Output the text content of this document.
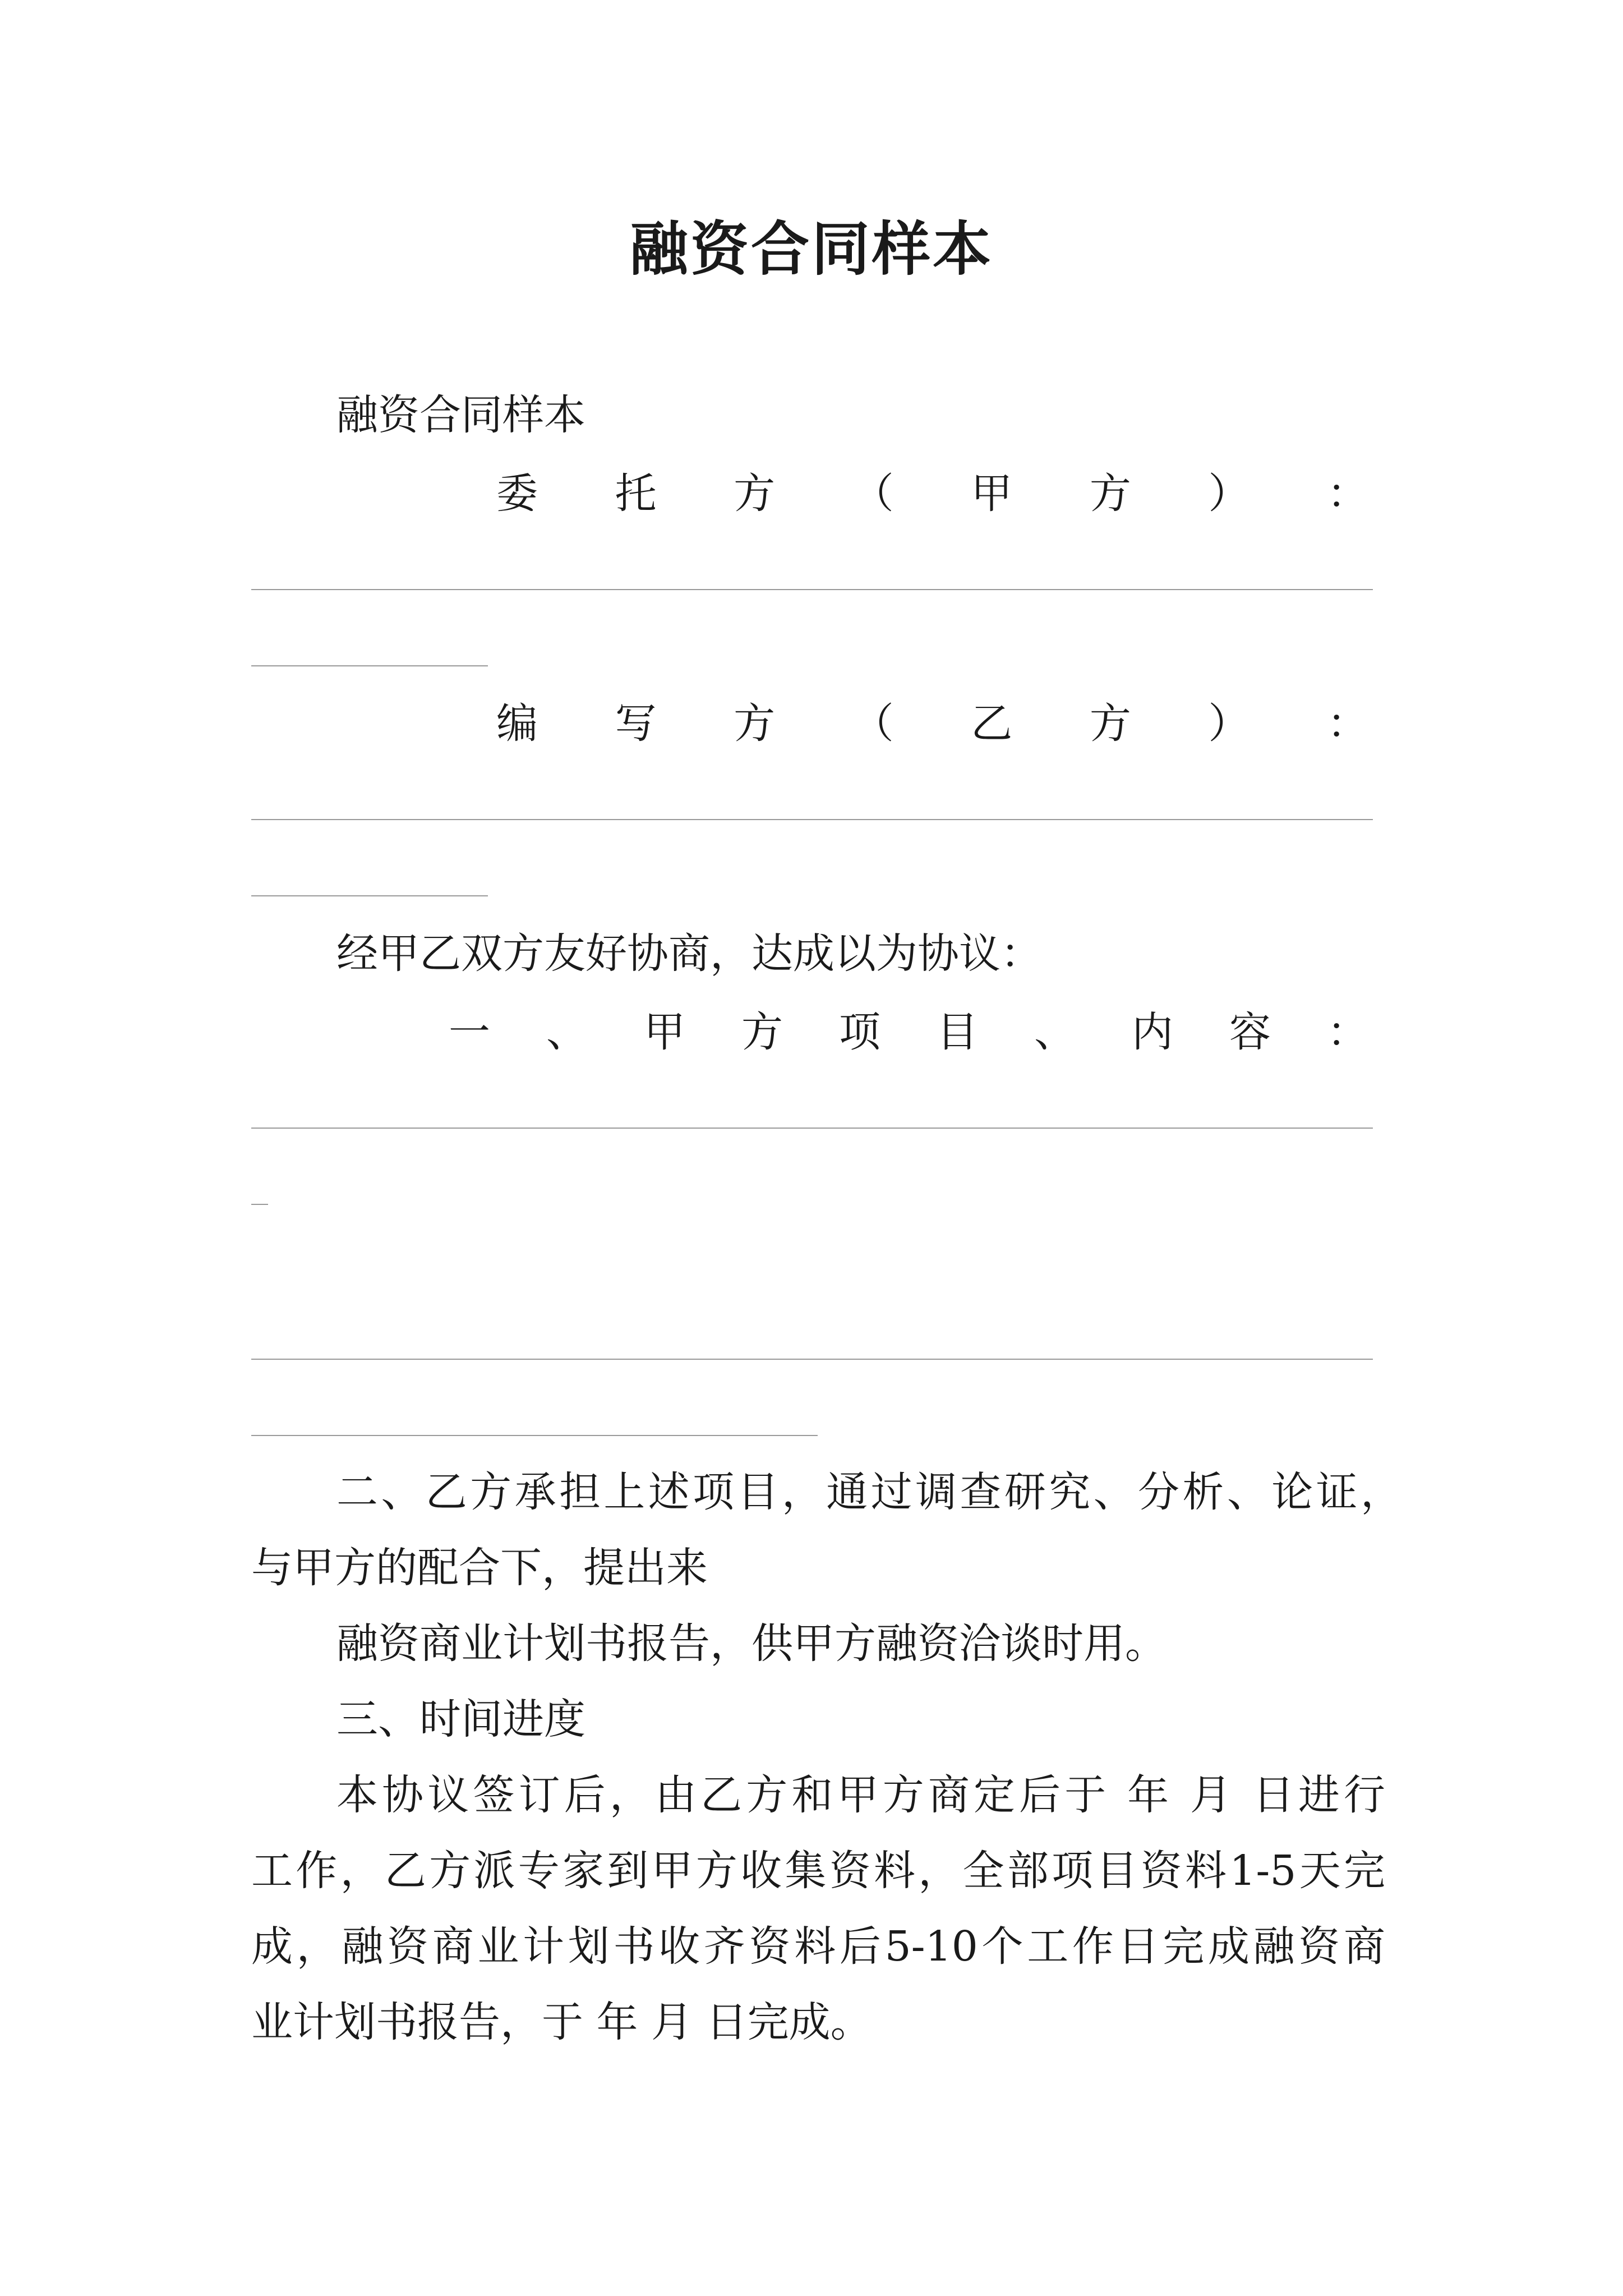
融资合同样本
融资合同样本
委 托 方 （ 甲 方 ） ：
编 写 方 （ 乙 方 ） ：
经甲乙双方友好协商，达成以为协议：
一 、 甲 方 项 目 、 内 容 ：
二、乙方承担上述项目，通过调查研究、分析、论证，
与甲方的配合下，提出来
融资商业计划书报告，供甲方融资洽谈时用。
三、时间进度
本协议签订后，由乙方和甲方商定后于 年 月 日进行
工作，乙方派专家到甲方收集资料，全部项目资料1-5天完
成，融资商业计划书收齐资料后5-10个工作日完成融资商
业计划书报告，于 年 月 日完成。
